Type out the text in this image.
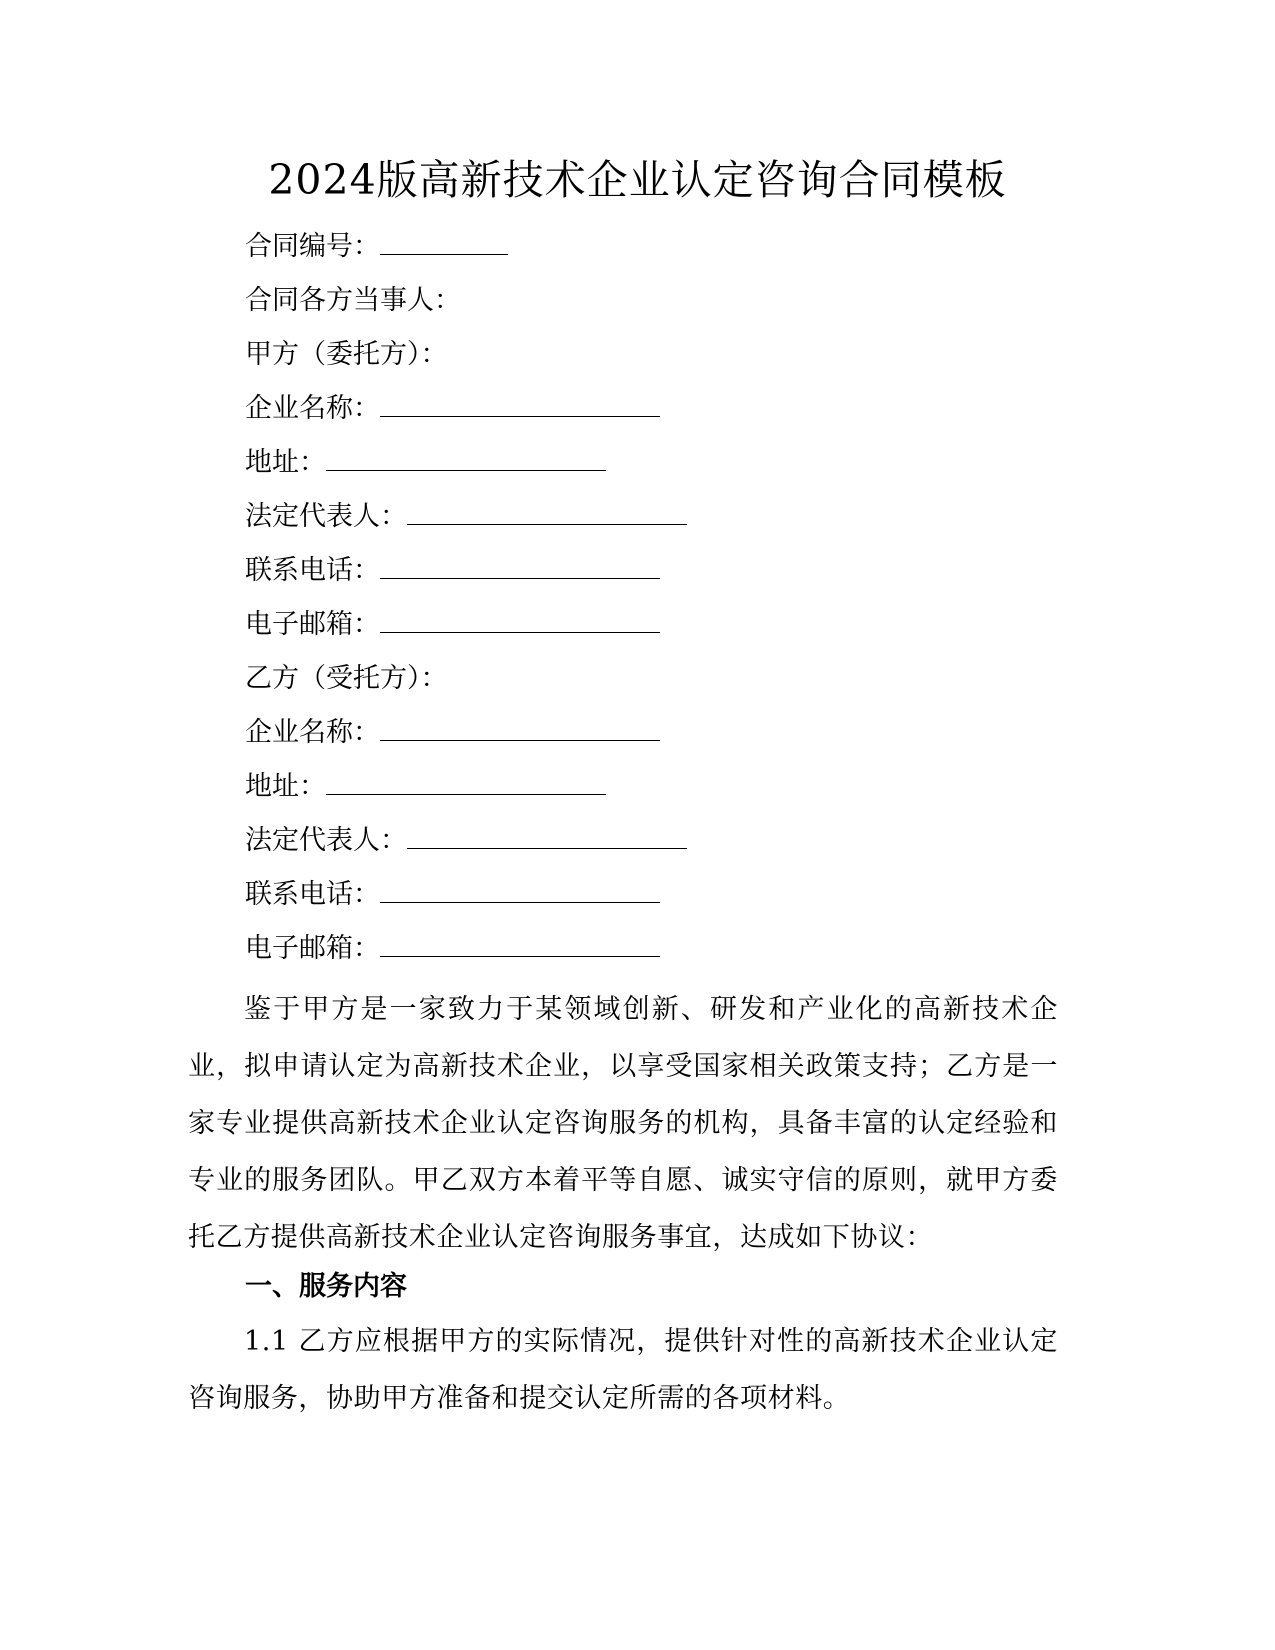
2024版高新技术企业认定咨询合同模板
合同编号：
合同各方当事人：
甲方（委托方）：
企业名称：
地址：
法定代表人：
联系电话：
电子邮箱：
乙方（受托方）：
企业名称：
地址：
法定代表人：
联系电话：
电子邮箱：
鉴于甲方是一家致力于某领域创新、研发和产业化的高新技术企业，拟申请认定为高新技术企业，以享受国家相关政策支持；乙方是一家专业提供高新技术企业认定咨询服务的机构，具备丰富的认定经验和专业的服务团队。甲乙双方本着平等自愿、诚实守信的原则，就甲方委托乙方提供高新技术企业认定咨询服务事宜，达成如下协议：
一、服务内容
1.1 乙方应根据甲方的实际情况，提供针对性的高新技术企业认定咨询服务，协助甲方准备和提交认定所需的各项材料。
